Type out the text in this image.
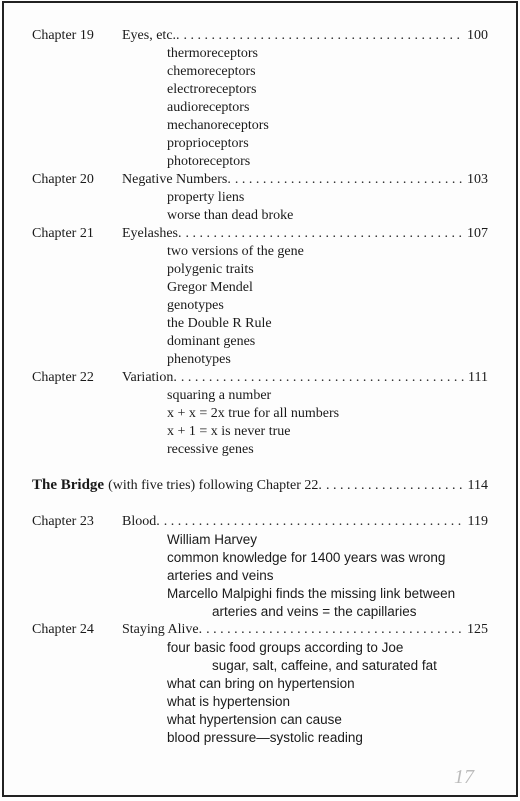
Chapter 19 Eyes, etc.. . . .	100
thermoreceptors
chemoreceptors
electroreceptors
audioreceptors
mechanoreceptors
proprioceptors
photoreceptors
Chapter 20 Negative Numbers. . . .	103
property liens
worse than dead broke
Chapter 21 Eyelashes. . . .	107
two versions of the gene
polygenic traits
Gregor Mendel
genotypes
the Double R Rule
dominant genes
phenotypes
Chapter 22 Variation. . . .	111
squaring a number
x + x = 2x true for all numbers
x + 1 = x is never true
recessive genes
The Bridge (with five tries) following Chapter 22. . . .	114
Chapter 23 Blood. . . .	119
William Harvey
common knowledge for 1400 years was wrong
arteries and veins
Marcello Malpighi finds the missing link between
arteries and veins = the capillaries
Chapter 24 Staying Alive. . . .	125
four basic food groups according to Joe
sugar, salt, caffeine, and saturated fat
what can bring on hypertension
what is hypertension
what hypertension can cause
blood pressure—systolic reading
17
